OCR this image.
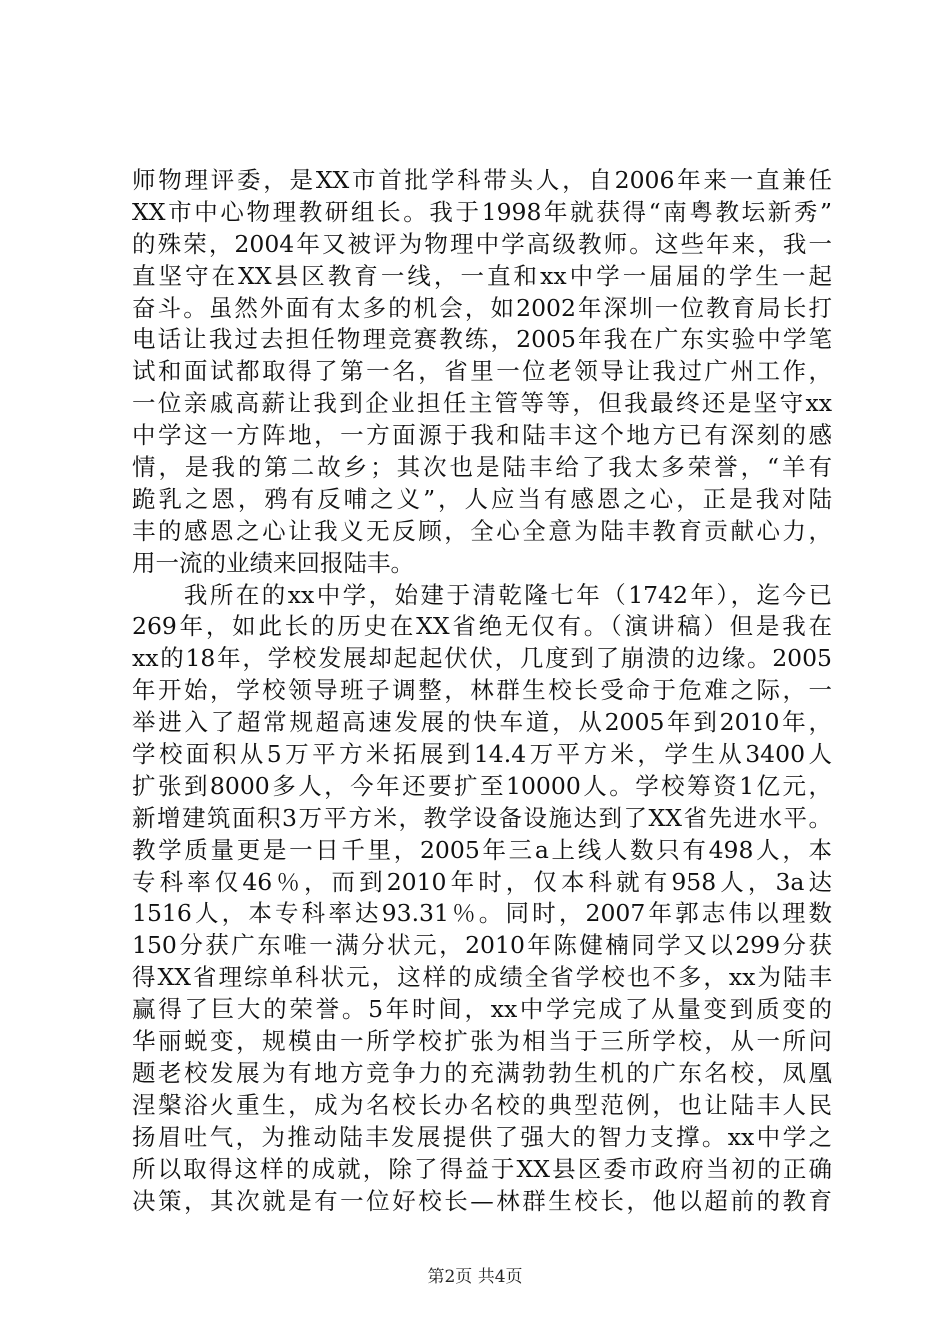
师物理评委，是XX市首批学科带头人，自2006年来一直兼任
XX市中心物理教研组长。我于1998年就获得“南粤教坛新秀”
的殊荣，2004年又被评为物理中学高级教师。这些年来，我一
直坚守在XX县区教育一线，一直和xx中学一届届的学生一起
奋斗。虽然外面有太多的机会，如2002年深圳一位教育局长打
电话让我过去担任物理竞赛教练，2005年我在广东实验中学笔
试和面试都取得了第一名，省里一位老领导让我过广州工作，
一位亲戚高薪让我到企业担任主管等等，但我最终还是坚守xx
中学这一方阵地，一方面源于我和陆丰这个地方已有深刻的感
情，是我的第二故乡；其次也是陆丰给了我太多荣誉，“羊有
跪乳之恩，鸦有反哺之义”，人应当有感恩之心，正是我对陆
丰的感恩之心让我义无反顾，全心全意为陆丰教育贡献心力，
用一流的业绩来回报陆丰。
　　我所在的xx中学，始建于清乾隆七年（1742年），迄今已
269年，如此长的历史在XX省绝无仅有。（演讲稿）但是我在
xx的18年，学校发展却起起伏伏，几度到了崩溃的边缘。2005
年开始，学校领导班子调整，林群生校长受命于危难之际，一
举进入了超常规超高速发展的快车道，从2005年到2010年，
学校面积从5万平方米拓展到14.4万平方米，学生从3400人
扩张到8000多人，今年还要扩至10000人。学校筹资1亿元，
新增建筑面积3万平方米，教学设备设施达到了XX省先进水平。
教学质量更是一日千里，2005年三a上线人数只有498人，本
专科率仅46％，而到2010年时，仅本科就有958人，3a达
1516人，本专科率达93.31％。同时，2007年郭志伟以理数
150分获广东唯一满分状元，2010年陈健楠同学又以299分获
得XX省理综单科状元，这样的成绩全省学校也不多，xx为陆丰
赢得了巨大的荣誉。5年时间，xx中学完成了从量变到质变的
华丽蜕变，规模由一所学校扩张为相当于三所学校，从一所问
题老校发展为有地方竞争力的充满勃勃生机的广东名校，凤凰
涅槃浴火重生，成为名校长办名校的典型范例，也让陆丰人民
扬眉吐气，为推动陆丰发展提供了强大的智力支撑。xx中学之
所以取得这样的成就，除了得益于XX县区委市政府当初的正确
决策，其次就是有一位好校长—林群生校长，他以超前的教育
第2页 共4页
